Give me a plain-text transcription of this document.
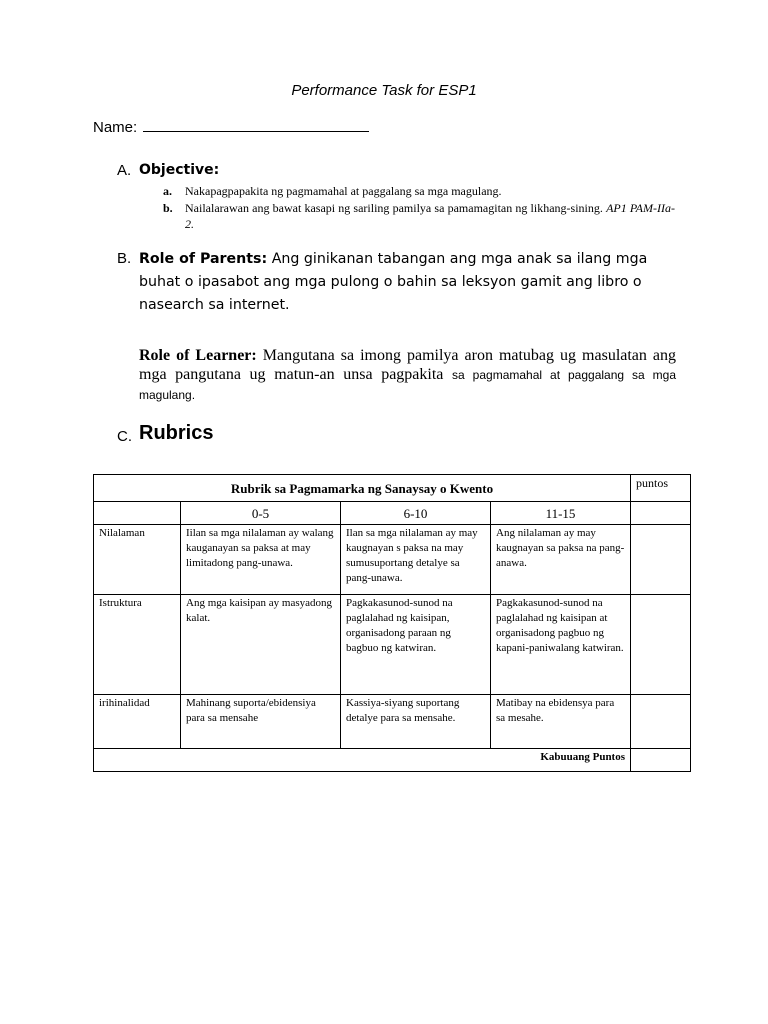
Performance Task for ESP1
Name:
A. Objective:
a. Nakapagpapakita ng pagmamahal at paggalang sa mga magulang.
b. Nailalarawan ang bawat kasapi ng sariling pamilya sa pamamagitan ng likhang-sining. AP1 PAM-IIa-2.
B. Role of Parents: Ang ginikanan tabangan ang mga anak sa ilang mga buhat o ipasabot ang mga pulong o bahin sa leksyon gamit ang libro o nasearch sa internet.
Role of Learner: Mangutana sa imong pamilya aron matubag ug masulatan ang mga pangutana ug matun-an unsa pagpakita sa pagmamahal at paggalang sa mga magulang.
C. Rubrics
Rubrik sa Pagmamarka ng Sanaysay o Kwento				puntos
	0-5	6-10	11-15	
Nilalaman	Iilan sa mga nilalaman ay walang kauganayan sa paksa at may limitadong pang-unawa.	Ilan sa mga nilalaman ay may kaugnayan s paksa na may sumusuportang detalye sa pang-unawa.	Ang nilalaman ay may kaugnayan sa paksa na pang-anawa.	
Istruktura	Ang mga kaisipan ay masyadong kalat.	Pagkakasunod-sunod na paglalahad ng kaisipan, organisadong paraan ng bagbuo ng katwiran.	Pagkakasunod-sunod na paglalahad ng kaisipan at organisadong pagbuo ng kapani-paniwalang katwiran.	
irihinalidad	Mahinang suporta/ebidensiya para sa mensahe	Kassiya-siyang suportang detalye para sa mensahe.	Matibay na ebidensya para sa mesahe.	
Kabuuang Puntos				
